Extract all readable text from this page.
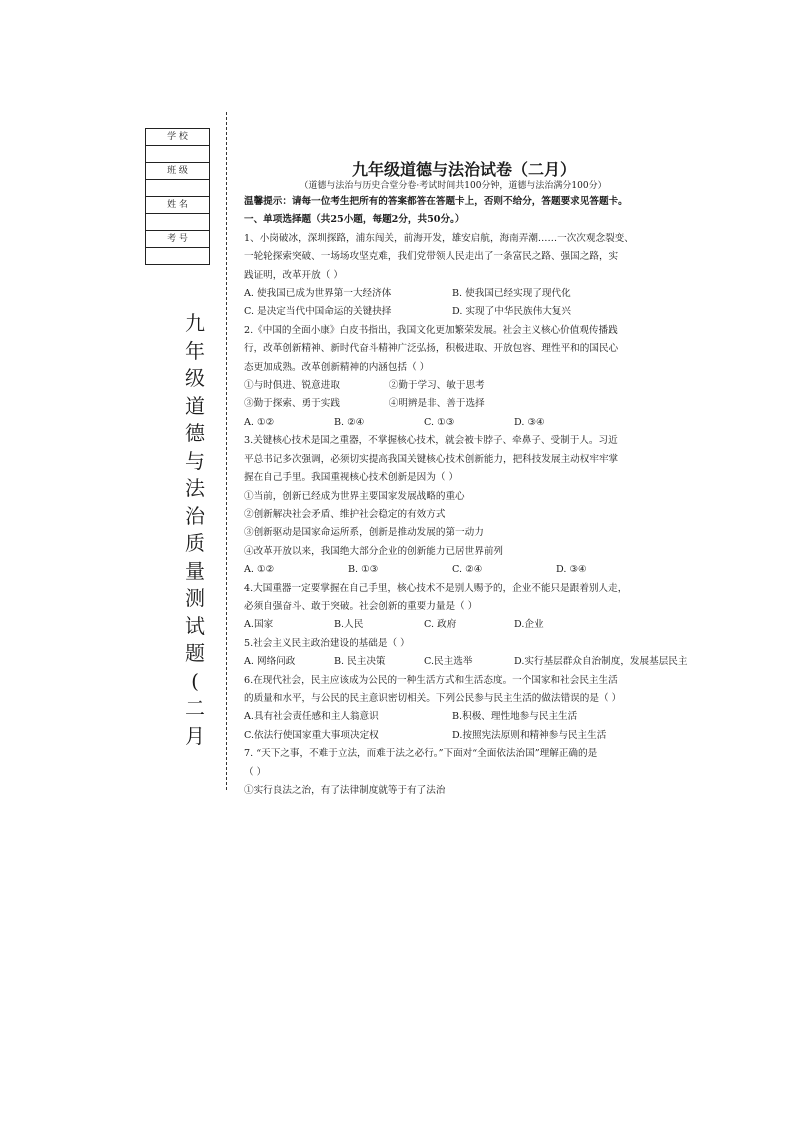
学 校

班 级

姓 名

考 号

九
年
级
道
德
与
法
治
质
量
测
试
题
(
二
月
九年级道德与法治试卷（二月）
（道德与法治与历史合堂分卷·考试时间共100分钟，道德与法治满分100分）
温馨提示：请每一位考生把所有的答案都答在答题卡上，否则不给分，答题要求见答题卡。
一、单项选择题（共25小题，每题2分，共50分。）
1、小岗破冰，深圳探路，浦东闯关，前海开发，雄安启航，海南弄潮……一次次观念裂变、
一轮轮探索突破、一场场攻坚克难，我们党带领人民走出了一条富民之路、强国之路，实
践证明，改革开放（ ）
A. 使我国已成为世界第一大经济体	B. 使我国已经实现了现代化
C. 是决定当代中国命运的关键抉择	D. 实现了中华民族伟大复兴
2.《中国的全面小康》白皮书指出，我国文化更加繁荣发展。社会主义核心价值观传播践
行，改革创新精神、新时代奋斗精神广泛弘扬，积极进取、开放包容、理性平和的国民心
态更加成熟。改革创新精神的内涵包括（ ）
①与时俱进、锐意进取                ②勤于学习、敏于思考
③勤于探索、勇于实践                ④明辨是非、善于选择
A. ①②	B. ②④	C. ①③	D. ③④
3.关键核心技术是国之重器，不掌握核心技术，就会被卡脖子、牵鼻子、受制于人。习近
平总书记多次强调，必须切实提高我国关键核心技术创新能力，把科技发展主动权牢牢掌
握在自己手里。我国重视核心技术创新是因为（ ）
①当前，创新已经成为世界主要国家发展战略的重心
②创新解决社会矛盾、维护社会稳定的有效方式
③创新驱动是国家命运所系，创新是推动发展的第一动力
④改革开放以来，我国绝大部分企业的创新能力已居世界前列
A. ①②	B. ①③	C. ②④	D. ③④
4.大国重器一定要掌握在自己手里，核心技术不是别人赐予的，企业不能只是跟着别人走，
必须自强奋斗、敢于突破。社会创新的重要力量是（ ）
A.国家	B.人民	C. 政府	D.企业
5.社会主义民主政治建设的基础是（ ）
A. 网络问政	B. 民主决策	C.民主选举	D.实行基层群众自治制度，发展基层民主
6.在现代社会，民主应该成为公民的一种生活方式和生活态度。一个国家和社会民主生活
的质量和水平，与公民的民主意识密切相关。下列公民参与民主生活的做法错误的是（ ）
A.具有社会责任感和主人翁意识	B.积极、理性地参与民主生活
C.依法行使国家重大事项决定权	D.按照宪法原则和精神参与民主生活
7. “天下之事，不难于立法，而难于法之必行。”下面对“全面依法治国”理解正确的是
（ ）
①实行良法之治，有了法律制度就等于有了法治
